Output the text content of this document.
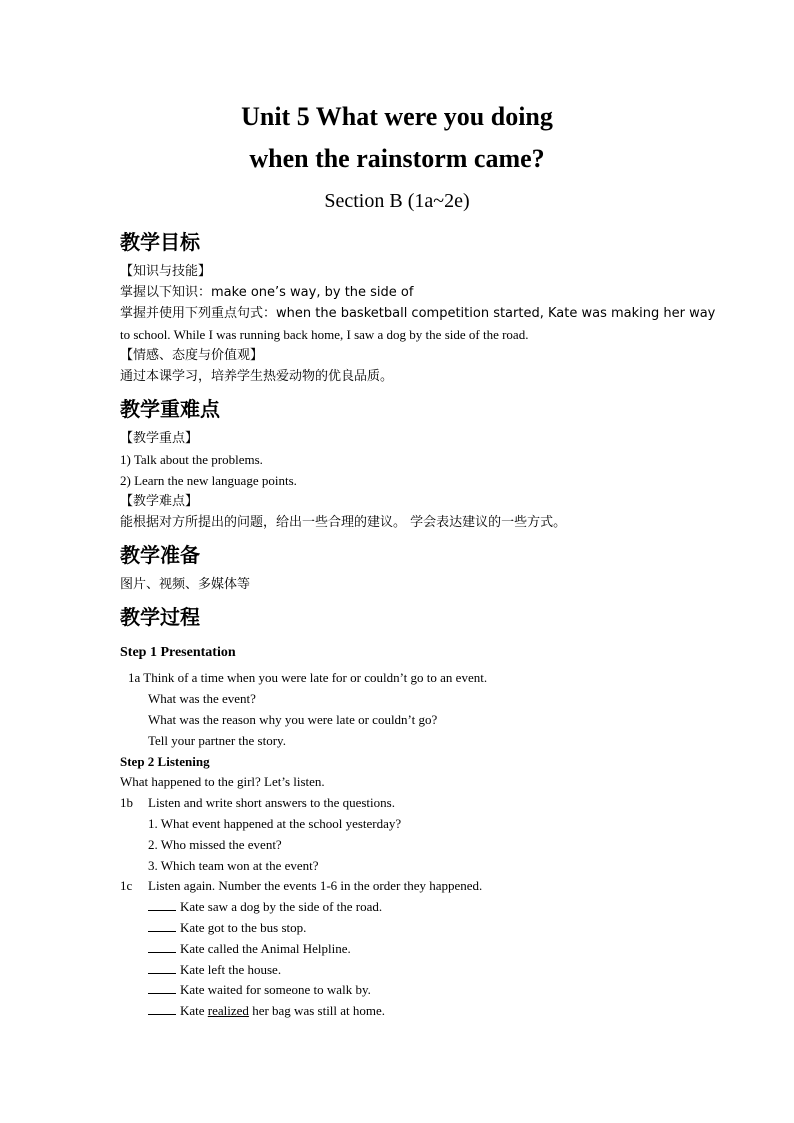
Unit 5 What were you doing
when the rainstorm came?
Section B (1a~2e)
教学目标
【知识与技能】
掌握以下知识：make one’s way, by the side of
掌握并使用下列重点句式：when the basketball competition started, Kate was making her way
to school. While I was running back home, I saw a dog by the side of the road.
【情感、态度与价值观】
通过本课学习，培养学生热爱动物的优良品质。
教学重难点
【教学重点】
1) Talk about the problems.
2) Learn the new language points.
【教学难点】
能根据对方所提出的问题，给出一些合理的建议。 学会表达建议的一些方式。
教学准备
图片、视频、多媒体等
教学过程
Step 1 Presentation
1a Think of a time when you were late for or couldn’t go to an event.
What was the event?
What was the reason why you were late or couldn’t go?
Tell your partner the story.
Step 2 Listening
What happened to the girl? Let’s listen.
1b Listen and write short answers to the questions.
1. What event happened at the school yesterday?
2. Who missed the event?
3. Which team won at the event?
1c Listen again. Number the events 1-6 in the order they happened.
Kate saw a dog by the side of the road.
Kate got to the bus stop.
Kate called the Animal Helpline.
Kate left the house.
Kate waited for someone to walk by.
Kate realized her bag was still at home.
